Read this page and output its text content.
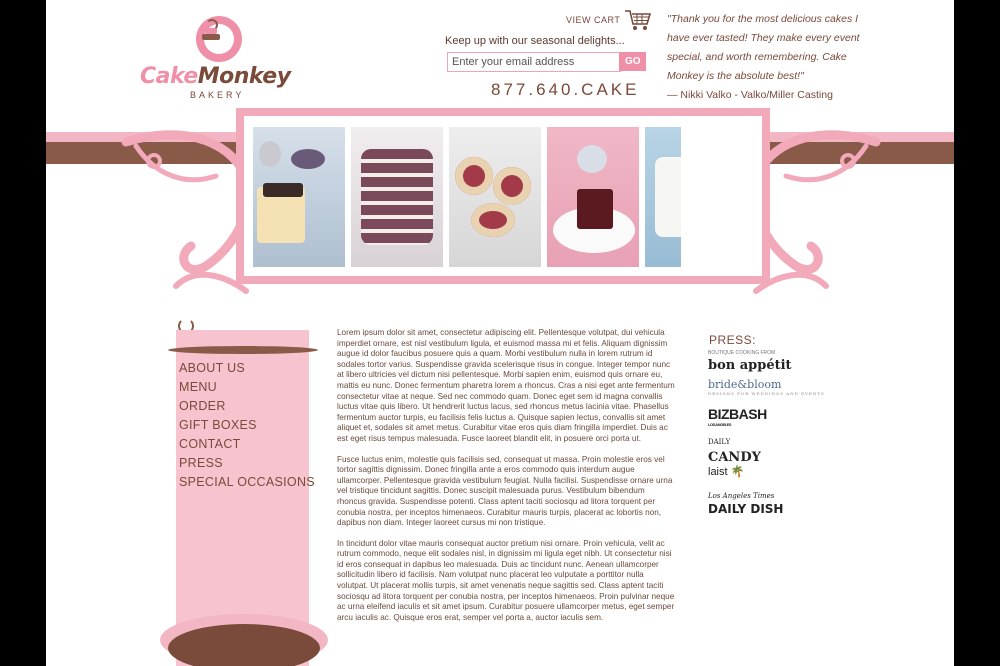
CakeMonkey
BAKERY
VIEW CART
Keep up with our seasonal delights...
Enter your email address
GO
877.640.CAKE
"Thank you for the most delicious cakes I have ever tasted! They make every event special, and worth remembering. Cake Monkey is the absolute best!"
— Nikki Valko - Valko/Miller Casting
ABOUT US
MENU
ORDER
GIFT BOXES
CONTACT
PRESS
SPECIAL OCCASIONS

Lorem ipsum dolor sit amet, consectetur adipiscing elit. Pellentesque volutpat, dui vehicula imperdiet ornare, est nisl vestibulum ligula, et euismod massa mi et felis. Aliquam dignissim augue id dolor faucibus posuere quis a quam. Morbi vestibulum nulla in lorem rutrum id sodales tortor varius. Suspendisse gravida scelerisque risus in congue. Integer tempor nunc at libero ultricies vel dictum nisi pellentesque. Morbi sapien enim, euismod quis ornare eu, mattis eu nunc. Donec fermentum pharetra lorem a rhoncus. Cras a nisi eget ante fermentum consectetur vitae at neque. Sed nec commodo quam. Donec eget sem id magna convallis luctus vitae quis libero. Ut hendrerit luctus lacus, sed rhoncus metus lacinia vitae. Phasellus fermentum auctor turpis, eu facilisis felis luctus a. Quisque sapien lectus, convallis sit amet aliquet et, sodales sit amet metus. Curabitur vitae eros quis diam fringilla imperdiet. Duis ac est eget risus tempus malesuada. Fusce laoreet blandit elit, in posuere orci porta ut.

Fusce luctus enim, molestie quis facilisis sed, consequat ut massa. Proin molestie eros vel tortor sagittis dignissim. Donec fringilla ante a eros commodo quis interdum augue ullamcorper. Pellentesque gravida vestibulum feugiat. Nulla facilisi. Suspendisse ornare urna vel tristique tincidunt sagittis. Donec suscipit malesuada purus. Vestibulum bibendum rhoncus gravida. Suspendisse potenti. Class aptent taciti sociosqu ad litora torquent per conubia nostra, per inceptos himenaeos. Curabitur mauris turpis, placerat ac lobortis non, dapibus non diam. Integer laoreet cursus mi non tristique.

In tincidunt dolor vitae mauris consequat auctor pretium nisi ornare. Proin vehicula, velit ac rutrum commodo, neque elit sodales nisl, in dignissim mi ligula eget nibh. Ut consectetur nisi id eros consequat in dapibus leo malesuada. Duis ac tincidunt nunc. Aenean ullamcorper sollicitudin libero id facilisis. Nam volutpat nunc placerat leo vulputate a porttitor nulla volutpat. Ut placerat mollis turpis, sit amet venenatis neque sagittis sed. Class aptent taciti sociosqu ad litora torquent per conubia nostra, per inceptos himenaeos. Proin pulvinar neque ac urna eleifend iaculis et sit amet ipsum. Curabitur posuere ullamcorper metus, eget semper arcu iaculis ac. Quisque eros erat, semper vel porta a, auctor iaculis sem.

PRESS:
BOUTIQUE COOKING FROM
bon appétit
bride&bloom
DESIGNS FOR WEDDINGS AND EVENTS
BIZBASH
LOS ANGELES
DAILY
CANDY
laist 🌴
Los Angeles Times
DAILY DISH
